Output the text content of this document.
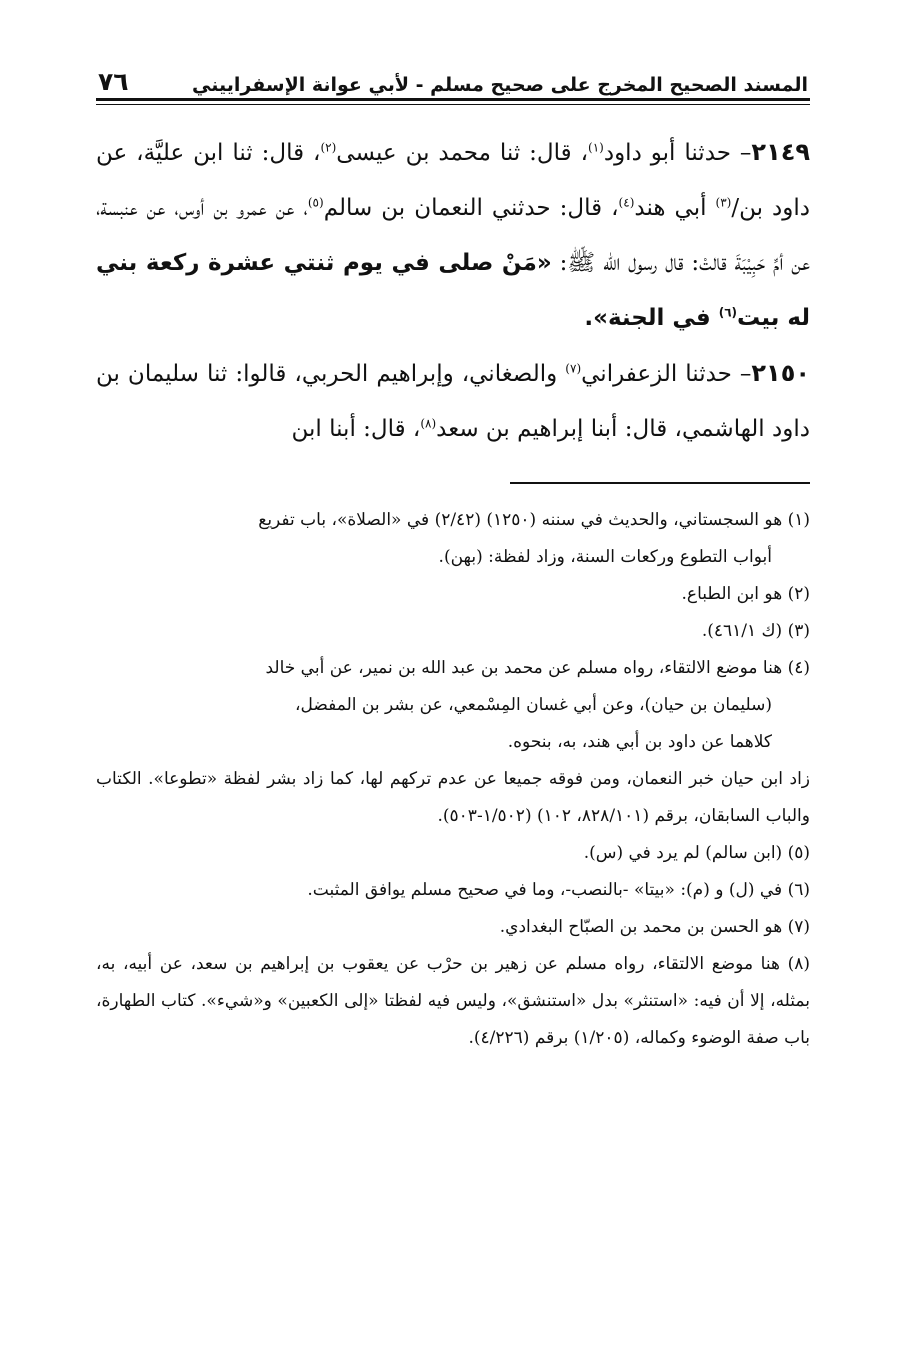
المسند الصحيح المخرج على صحيح مسلم - لأبي عوانة الإسفراييني
٧٦

٢١٤٩– حدثنا أبو داود$^{(١)}$، قال: ثنا محمد بن عيسى$^{(٢)}$، قال: ثنا ابن عليَّة، عن داود بن/$^{(٣)}$ أبي هند$^{(٤)}$، قال: حدثني النعمان بن سالم$^{(٥)}$، عن عمرو بن أوس، عن عنبسة، عن أمِّ حَبِيْبَةَ قالتْ: قال رسول الله ﷺ: «مَنْ صلى في يوم ثنتي عشرة ركعة بني له بيت$^{(٦)}$ في الجنة».

٢١٥٠– حدثنا الزعفراني$^{(٧)}$ والصغاني، وإبراهيم الحربي، قالوا: ثنا سليمان بن داود الهاشمي، قال: أبنا إبراهيم بن سعد$^{(٨)}$، قال: أبنا ابن

(١) هو السجستاني، والحديث في سننه (١٢٥٠) (٢/٤٢) في «الصلاة»، باب تفريع

أبواب التطوع وركعات السنة، وزاد لفظة: (بهن).

(٢) هو ابن الطباع.

(٣) (ك ٤٦١/١).

(٤) هنا موضع الالتقاء، رواه مسلم عن محمد بن عبد الله بن نمير، عن أبي خالد

(سليمان بن حيان)، وعن أبي غسان المِسْمعي، عن بشر بن المفضل،

كلاهما عن داود بن أبي هند، به، بنحوه.

زاد ابن حيان خبر النعمان، ومن فوقه جميعا عن عدم تركهم لها، كما زاد بشر لفظة «تطوعا». الكتاب والباب السابقان، برقم (٨٢٨/١٠١، ١٠٢) (١/٥٠٢-٥٠٣).

(٥) (ابن سالم) لم يرد في (س).

(٦) في (ل) و (م): «بيتا» -بالنصب-، وما في صحيح مسلم يوافق المثبت.

(٧) هو الحسن بن محمد بن الصبّاح البغدادي.

(٨) هنا موضع الالتقاء، رواه مسلم عن زهير بن حرْب عن يعقوب بن إبراهيم بن سعد، عن أبيه، به، بمثله، إلا أن فيه: «استنثر» بدل «استنشق»، وليس فيه لفظتا «إلى الكعبين» و«شيء». كتاب الطهارة، باب صفة الوضوء وكماله، (١/٢٠٥) برقم (٤/٢٢٦).
